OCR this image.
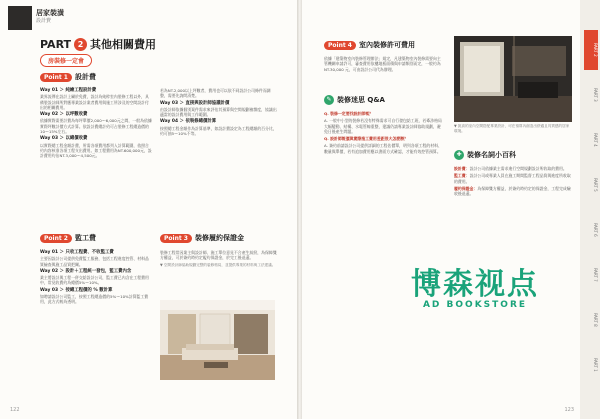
居家裝潢
設計費
PART 2 其他相關費用
房裝修一定會
Point 1	設計費

Way 01 ＞ 純繪工程設計費

業界流傳在設計上屬於免費，設計為純粹室內裝修工程以外，具備裝設計師所對應專業設計業者費用與施工所涉及的空間設計付出的相關費用。

Way 02 ＞ 以坪數收費

依據實際需要計費為每坪單價2,000～6,000元之間，一般為依據實際坪數計價方式計算。依設計費總計約可占裝修工程總造價的10～15%左右。

Way 03 ＞ 以總價收費

以實際總工程金額計費，所需各項費用都列入計算範圍，依照合約內容核准各項工程支出費用。如工程費用為NT.600,000元，設計費用約佔NT.3,000～4,500元。

若為NT.2,000以上坪數者，費用也可以依不同設計公司條件而調整，需要先詢問清楚。

Way 03 ＞ 直接與設計師協議計價

由設計師依據個別案件需求來評估其預算與空間規劃複雜度，協議出適當的設計費用與工作範圍。

Way 04 ＞ 依裝修總價計算

按照總工程金額作為計算基準，如設計費設定為工程總額的百分比，約可抽5～10%不等。

Point 2	監工費

Way 01 ＞ 只收工程費、不收監工費

主要因設計公司提供免費監工服務，包括工程進度控管、材料品質檢查與施工品質把關。

Way 02 ＞ 設計＋工程統一發包，監工費內含

業主將設計與工程一併交給設計公司，監工費已內含在工程費用中，常見收費約為總價5%～10%。

Way 03 ＞ 按總工程價的 % 數計算

如聘請設計公司監工，按照工程總造價的5%～10%計算監工費用，此方式較為透明。

Point 3	裝修履約保證金

裝修工程常因業主與設計師、施工單位意見不合產生糾紛，為保障雙方權益，可於簽約時約定履約保證金，於完工後退還。

▼ 空間設計師協助規劃完整的裝修格局，並提供專業的材料與工法建議。

122
Point 4	室內裝修許可費用

依據「建築物室內裝修管理辦法」規定，凡建築物室內裝修需要向主管機關申請許可，審查費用依樓地板面積與申請類別而定，一般約為 NT.30,000 元，可由設計公司代為辦理。

✎ 裝修迷思 Q&A

Q. 裝修一定要找設計師嗎？

A. 一般中小型的裝修若沒有特殊需求可自行發包給工班，若牽涉格局大幅變動、結構、水電管線重整，建議仍請專業設計師協助規劃，避免日後產生問題。

Q. 設計師報價與實際施工費用差距很大怎麼辦？

A. 簽約前請設計公司提供詳細的工程估價單，明列各項工程的材料、數量與單價，若有追加費用應以書面方式確認，才能有效控管預算。

▼ 挑高的室內空間搭配專業設計，可在預算內創造出舒適且具質感的居家環境。
✚ 裝修名詞小百科

設計費：設計公司依據業主需求進行空間規劃設計所收取的費用。

監工費：設計公司或專業人員在施工期間監督工程品質與進度所收取的費用。

履約保證金：為保障雙方權益，於簽約時約定的保證金，工程完成驗收後退還。

PART 2
PART 3
PART 4
PART 5
PART 6
PART 7
PART 8
PART 1
123
博森视点
AD BOOKSTORE
